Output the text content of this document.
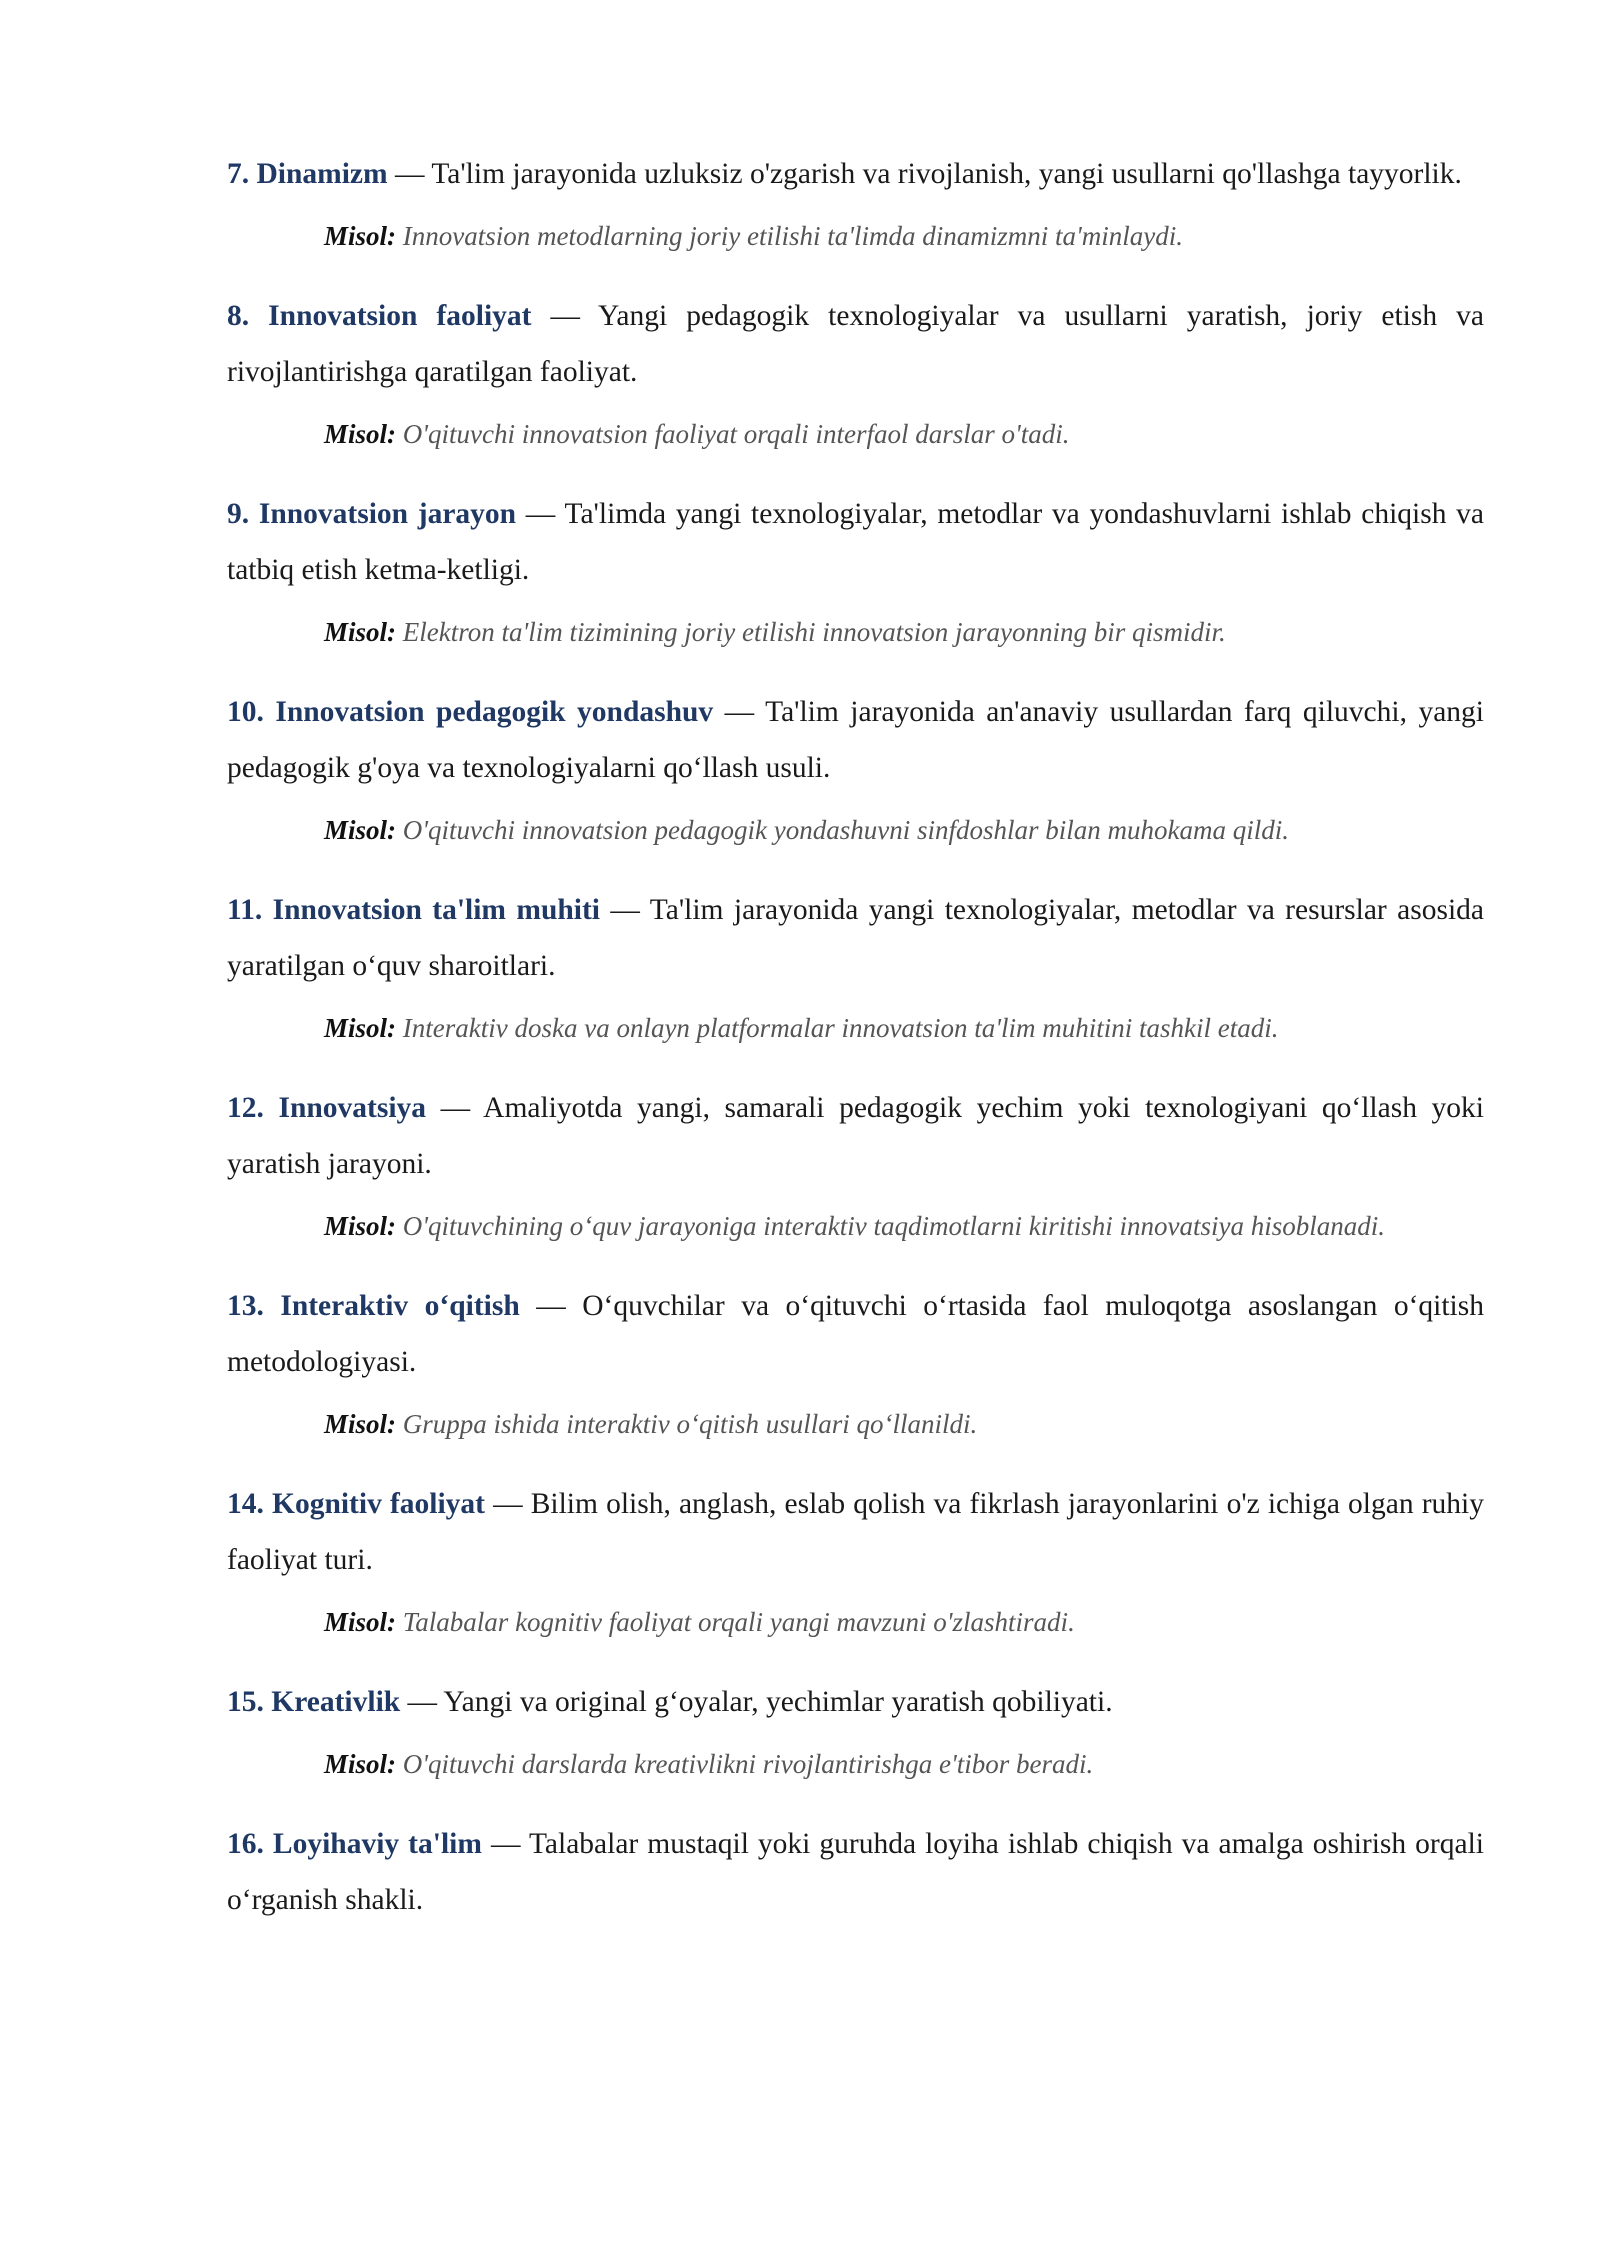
7. Dinamizm — Ta'lim jarayonida uzluksiz o'zgarish va rivojlanish, yangi usullarni qo'llashga tayyorlik.

Misol: Innovatsion metodlarning joriy etilishi ta'limda dinamizmni ta'minlaydi.

8. Innovatsion faoliyat — Yangi pedagogik texnologiyalar va usullarni yaratish, joriy etish va rivojlantirishga qaratilgan faoliyat.

Misol: O'qituvchi innovatsion faoliyat orqali interfaol darslar o'tadi.

9. Innovatsion jarayon — Ta'limda yangi texnologiyalar, metodlar va yondashuvlarni ishlab chiqish va tatbiq etish ketma-ketligi.

Misol: Elektron ta'lim tizimining joriy etilishi innovatsion jarayonning bir qismidir.

10. Innovatsion pedagogik yondashuv — Ta'lim jarayonida an'anaviy usullardan farq qiluvchi, yangi pedagogik g'oya va texnologiyalarni qo‘llash usuli.

Misol: O'qituvchi innovatsion pedagogik yondashuvni sinfdoshlar bilan muhokama qildi.

11. Innovatsion ta'lim muhiti — Ta'lim jarayonida yangi texnologiyalar, metodlar va resurslar asosida yaratilgan o‘quv sharoitlari.

Misol: Interaktiv doska va onlayn platformalar innovatsion ta'lim muhitini tashkil etadi.

12. Innovatsiya — Amaliyotda yangi, samarali pedagogik yechim yoki texnologiyani qo‘llash yoki yaratish jarayoni.

Misol: O'qituvchining o‘quv jarayoniga interaktiv taqdimotlarni kiritishi innovatsiya hisoblanadi.

13. Interaktiv o‘qitish — O‘quvchilar va o‘qituvchi o‘rtasida faol muloqotga asoslangan o‘qitish metodologiyasi.

Misol: Gruppa ishida interaktiv o‘qitish usullari qo‘llanildi.

14. Kognitiv faoliyat — Bilim olish, anglash, eslab qolish va fikrlash jarayonlarini o'z ichiga olgan ruhiy faoliyat turi.

Misol: Talabalar kognitiv faoliyat orqali yangi mavzuni o'zlashtiradi.

15. Kreativlik — Yangi va original g‘oyalar, yechimlar yaratish qobiliyati.

Misol: O'qituvchi darslarda kreativlikni rivojlantirishga e'tibor beradi.

16. Loyihaviy ta'lim — Talabalar mustaqil yoki guruhda loyiha ishlab chiqish va amalga oshirish orqali o‘rganish shakli.
